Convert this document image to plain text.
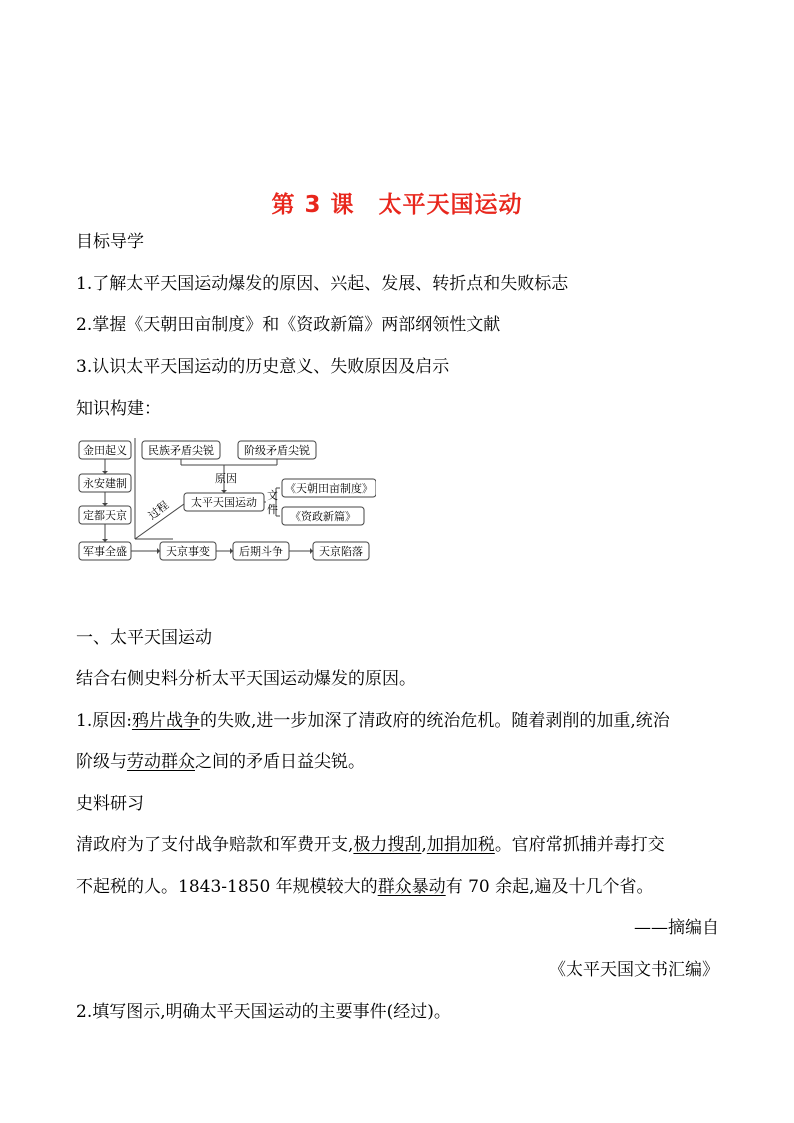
第 3 课　太平天国运动
目标导学
1.了解太平天国运动爆发的原因、兴起、发展、转折点和失败标志
2.掌握《天朝田亩制度》和《资政新篇》两部纲领性文献
3.认识太平天国运动的历史意义、失败原因及启示
知识构建：
金田起义
永安建制
定都天京
军事全盛	天京事变	后期斗争	天京陷落
民族矛盾尖锐	阶级矛盾尖锐
原因
太平天国运动
《天朝田亩制度》
《资政新篇》
文
件
过程
一、太平天国运动
结合右侧史料分析太平天国运动爆发的原因。
1.原因:鸦片战争的失败,进一步加深了清政府的统治危机。随着剥削的加重,统治
阶级与劳动群众之间的矛盾日益尖锐。
史料研习
清政府为了支付战争赔款和军费开支,极力搜刮,加捐加税。官府常抓捕并毒打交
不起税的人。1843-1850 年规模较大的群众暴动有 70 余起,遍及十几个省。
——摘编自
《太平天国文书汇编》
2.填写图示,明确太平天国运动的主要事件(经过)。
